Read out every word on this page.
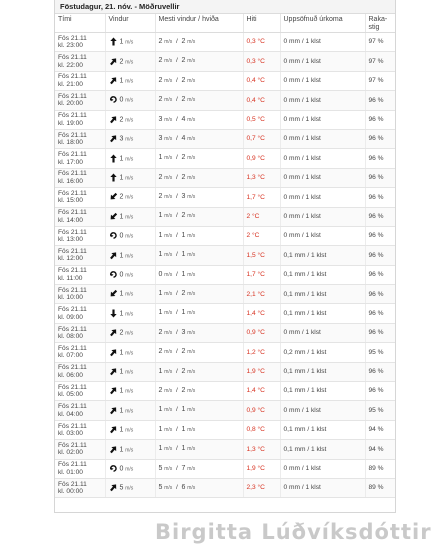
Föstudagur, 21. nóv. - Möðruvellir
Tími	Vindur	Mesti vindur / hviða	Hiti	Uppsöfnuð úrkoma	Raka-
stig
Fös 21.11
kl. 23:00	1 m/s	2 m/s  /  2 m/s	0,3 °C	0 mm / 1 klst	97 %
Fös 21.11
kl. 22:00	2 m/s	2 m/s  /  2 m/s	0,3 °C	0 mm / 1 klst	97 %
Fös 21.11
kl. 21:00	1 m/s	2 m/s  /  2 m/s	0,4 °C	0 mm / 1 klst	97 %
Fös 21.11
kl. 20:00	0 m/s	2 m/s  /  2 m/s	0,4 °C	0 mm / 1 klst	96 %
Fös 21.11
kl. 19:00	2 m/s	3 m/s  /  4 m/s	0,5 °C	0 mm / 1 klst	96 %
Fös 21.11
kl. 18:00	3 m/s	3 m/s  /  4 m/s	0,7 °C	0 mm / 1 klst	96 %
Fös 21.11
kl. 17:00	1 m/s	1 m/s  /  2 m/s	0,9 °C	0 mm / 1 klst	96 %
Fös 21.11
kl. 16:00	1 m/s	2 m/s  /  2 m/s	1,3 °C	0 mm / 1 klst	96 %
Fös 21.11
kl. 15:00	2 m/s	2 m/s  /  3 m/s	1,7 °C	0 mm / 1 klst	96 %
Fös 21.11
kl. 14:00	1 m/s	1 m/s  /  2 m/s	2 °C	0 mm / 1 klst	96 %
Fös 21.11
kl. 13:00	0 m/s	1 m/s  /  1 m/s	2 °C	0 mm / 1 klst	96 %
Fös 21.11
kl. 12:00	1 m/s	1 m/s  /  1 m/s	1,5 °C	0,1 mm / 1 klst	96 %
Fös 21.11
kl. 11:00	0 m/s	0 m/s  /  1 m/s	1,7 °C	0,1 mm / 1 klst	96 %
Fös 21.11
kl. 10:00	1 m/s	1 m/s  /  2 m/s	2,1 °C	0,1 mm / 1 klst	96 %
Fös 21.11
kl. 09:00	1 m/s	1 m/s  /  1 m/s	1,4 °C	0,1 mm / 1 klst	96 %
Fös 21.11
kl. 08:00	2 m/s	2 m/s  /  3 m/s	0,9 °C	0 mm / 1 klst	96 %
Fös 21.11
kl. 07:00	1 m/s	2 m/s  /  2 m/s	1,2 °C	0,2 mm / 1 klst	95 %
Fös 21.11
kl. 06:00	1 m/s	1 m/s  /  2 m/s	1,9 °C	0,1 mm / 1 klst	96 %
Fös 21.11
kl. 05:00	1 m/s	2 m/s  /  2 m/s	1,4 °C	0,1 mm / 1 klst	96 %
Fös 21.11
kl. 04:00	1 m/s	1 m/s  /  1 m/s	0,9 °C	0 mm / 1 klst	95 %
Fös 21.11
kl. 03:00	1 m/s	1 m/s  /  1 m/s	0,8 °C	0,1 mm / 1 klst	94 %
Fös 21.11
kl. 02:00	1 m/s	1 m/s  /  1 m/s	1,3 °C	0,1 mm / 1 klst	94 %
Fös 21.11
kl. 01:00	0 m/s	5 m/s  /  7 m/s	1,9 °C	0 mm / 1 klst	89 %
Fös 21.11
kl. 00:00	5 m/s	5 m/s  /  6 m/s	2,3 °C	0 mm / 1 klst	89 %
Birgitta Lúðvíksdóttir
